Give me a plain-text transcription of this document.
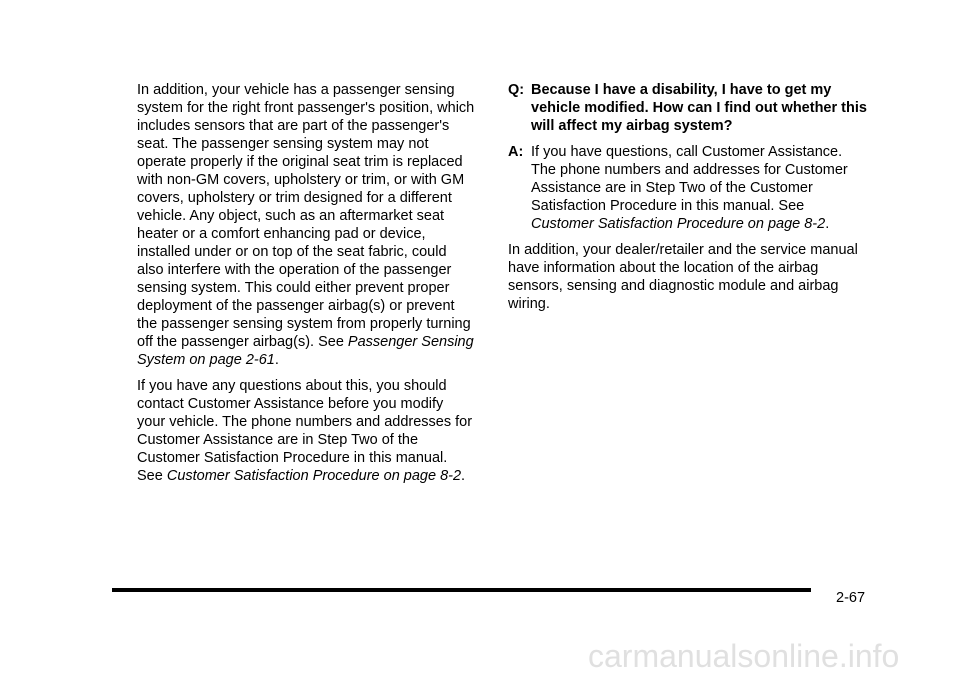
In addition, your vehicle has a passenger sensing
system for the right front passenger's position, which
includes sensors that are part of the passenger's
seat. The passenger sensing system may not
operate properly if the original seat trim is replaced
with non-GM covers, upholstery or trim, or with GM
covers, upholstery or trim designed for a different
vehicle. Any object, such as an aftermarket seat
heater or a comfort enhancing pad or device,
installed under or on top of the seat fabric, could
also interfere with the operation of the passenger
sensing system. This could either prevent proper
deployment of the passenger airbag(s) or prevent
the passenger sensing system from properly turning
off the passenger airbag(s). See Passenger Sensing
System on page 2-61.
If you have any questions about this, you should
contact Customer Assistance before you modify
your vehicle. The phone numbers and addresses for
Customer Assistance are in Step Two of the
Customer Satisfaction Procedure in this manual.
See Customer Satisfaction Procedure on page 8-2.
Q: Because I have a disability, I have to get my
vehicle modified. How can I find out whether this
will affect my airbag system?
A: If you have questions, call Customer Assistance.
The phone numbers and addresses for Customer
Assistance are in Step Two of the Customer
Satisfaction Procedure in this manual. See
Customer Satisfaction Procedure on page 8-2.
In addition, your dealer/retailer and the service manual
have information about the location of the airbag
sensors, sensing and diagnostic module and airbag
wiring.
2-67
carmanualsonline.info
